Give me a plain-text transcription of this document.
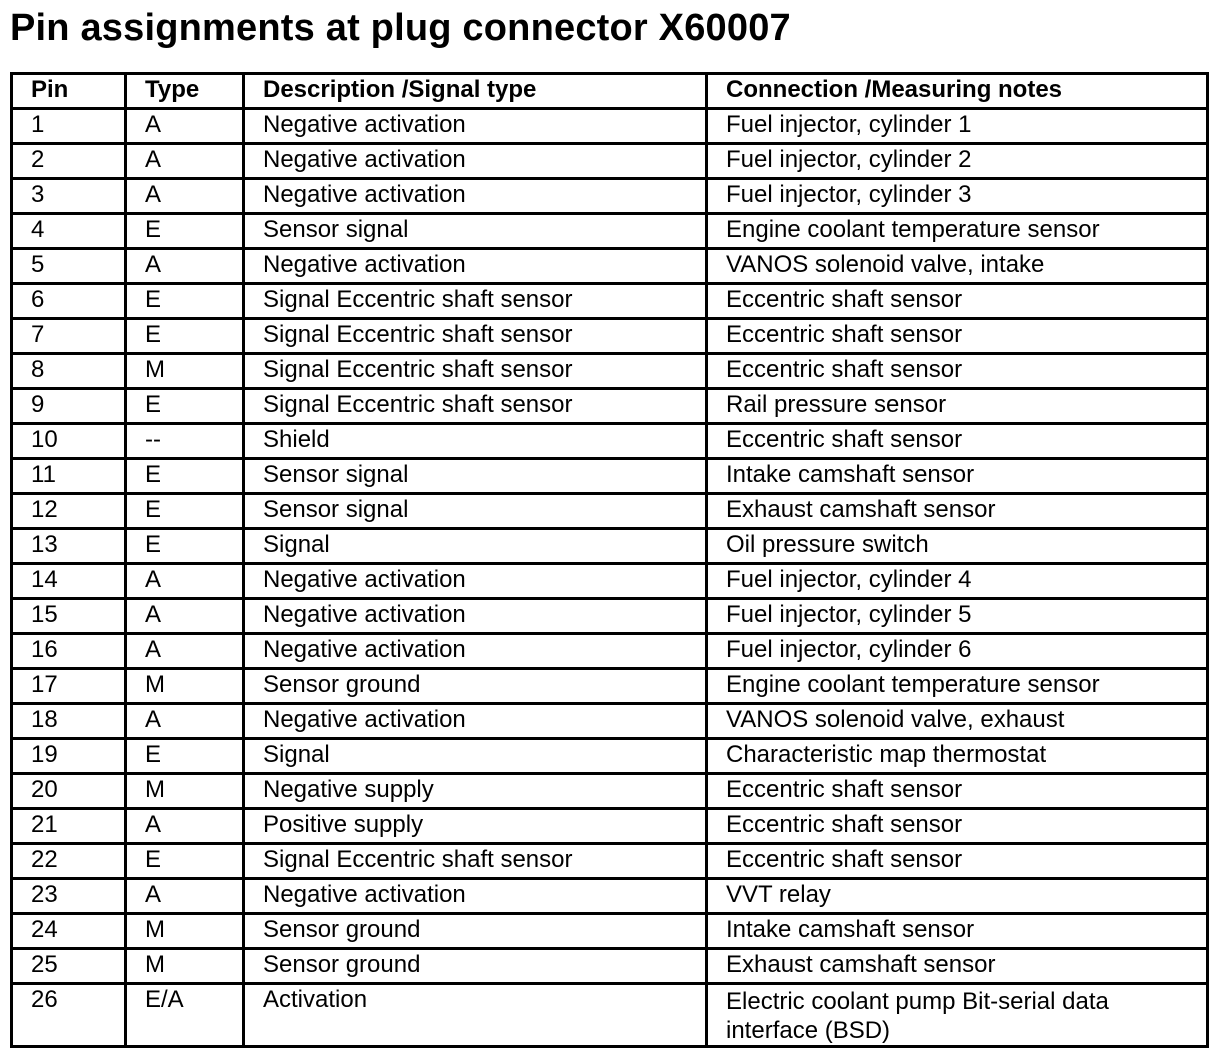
Pin assignments at plug connector X60007
Pin	Type	Description /Signal type	Connection /Measuring notes
1	A	Negative activation	Fuel injector, cylinder 1
2	A	Negative activation	Fuel injector, cylinder 2
3	A	Negative activation	Fuel injector, cylinder 3
4	E	Sensor signal	Engine coolant temperature sensor
5	A	Negative activation	VANOS solenoid valve, intake
6	E	Signal Eccentric shaft sensor	Eccentric shaft sensor
7	E	Signal Eccentric shaft sensor	Eccentric shaft sensor
8	M	Signal Eccentric shaft sensor	Eccentric shaft sensor
9	E	Signal Eccentric shaft sensor	Rail pressure sensor
10	--	Shield	Eccentric shaft sensor
11	E	Sensor signal	Intake camshaft sensor
12	E	Sensor signal	Exhaust camshaft sensor
13	E	Signal	Oil pressure switch
14	A	Negative activation	Fuel injector, cylinder 4
15	A	Negative activation	Fuel injector, cylinder 5
16	A	Negative activation	Fuel injector, cylinder 6
17	M	Sensor ground	Engine coolant temperature sensor
18	A	Negative activation	VANOS solenoid valve, exhaust
19	E	Signal	Characteristic map thermostat
20	M	Negative supply	Eccentric shaft sensor
21	A	Positive supply	Eccentric shaft sensor
22	E	Signal Eccentric shaft sensor	Eccentric shaft sensor
23	A	Negative activation	VVT relay
24	M	Sensor ground	Intake camshaft sensor
25	M	Sensor ground	Exhaust camshaft sensor
26	E/A	Activation	Electric coolant pump Bit-serial data interface (BSD)
